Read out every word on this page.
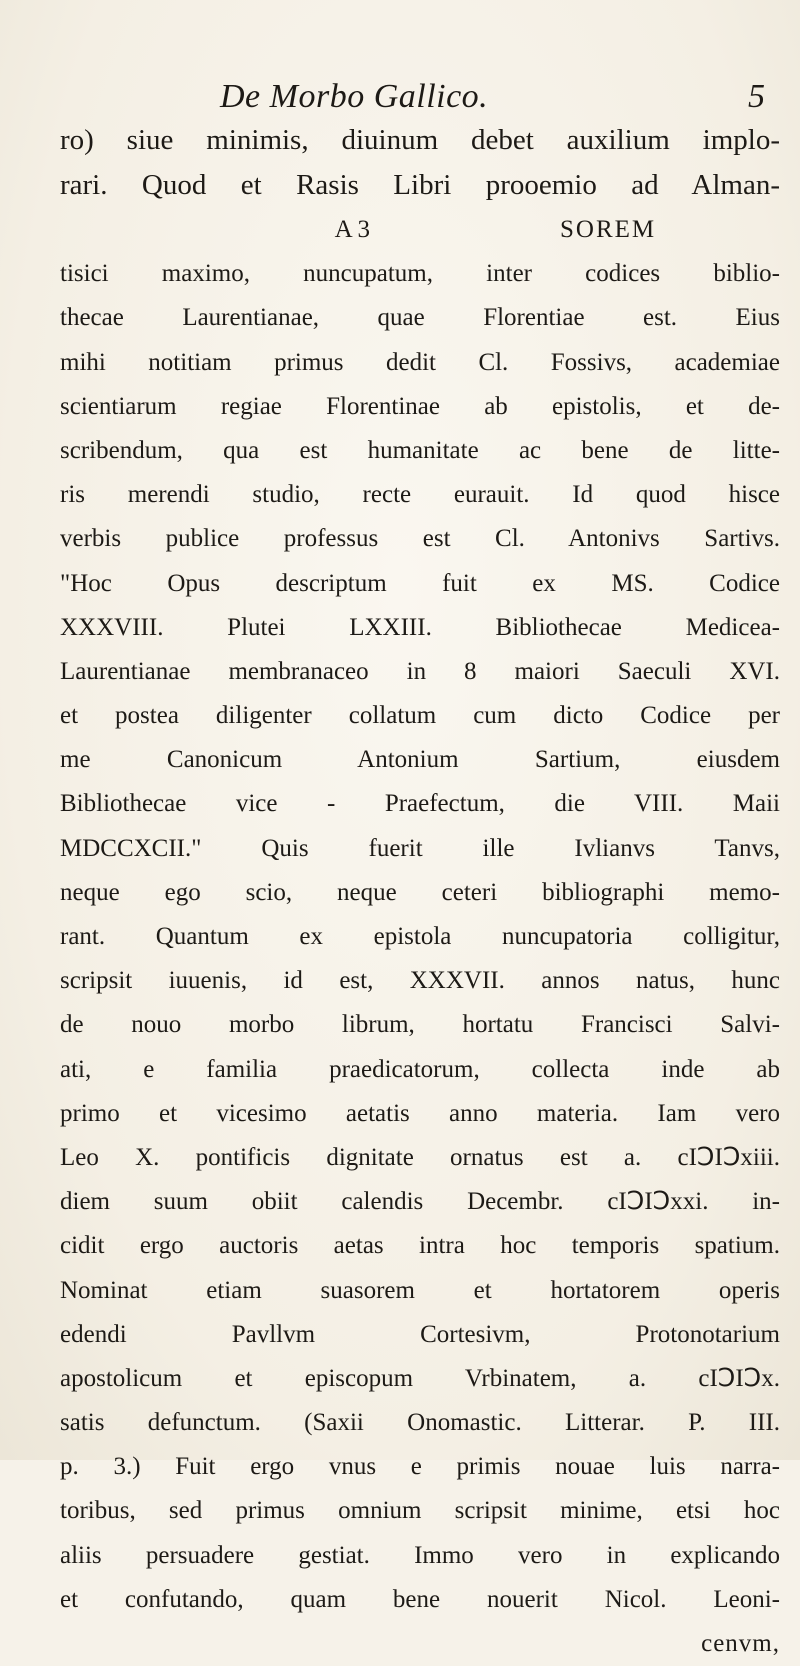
De Morbo Gallico.	5
ro) siue minimis, diuinum debet auxilium implo-
rari. Quod et Rasis Libri prooemio ad Alman-
A 3	SOREM
tisici maximo, nuncupatum, inter codices biblio-
thecae Laurentianae, quae Florentiae est. Eius
mihi notitiam primus dedit Cl. Fossivs, academiae
scientiarum regiae Florentinae ab epistolis, et de-
scribendum, qua est humanitate ac bene de litte-
ris merendi studio, recte eurauit. Id quod hisce
verbis publice professus est Cl. Antonivs Sartivs.
"Hoc Opus descriptum fuit ex MS. Codice
XXXVIII. Plutei LXXIII. Bibliothecae Medicea-
Laurentianae membranaceo in 8 maiori Saeculi XVI.
et postea diligenter collatum cum dicto Codice per
me Canonicum Antonium Sartium, eiusdem
Bibliothecae vice - Praefectum, die VIII. Maii
MDCCXCII." Quis fuerit ille Ivlianvs Tanvs,
neque ego scio, neque ceteri bibliographi memo-
rant. Quantum ex epistola nuncupatoria colligitur,
scripsit iuuenis, id est, XXXVII. annos natus, hunc
de nouo morbo librum, hortatu Francisci Salvi-
ati, e familia praedicatorum, collecta inde ab
primo et vicesimo aetatis anno materia. Iam vero
Leo X. pontificis dignitate ornatus est a. cIↃIↃxiii.
diem suum obiit calendis Decembr. cIↃIↃxxi. in-
cidit ergo auctoris aetas intra hoc temporis spatium.
Nominat etiam suasorem et hortatorem operis
edendi Pavllvm Cortesivm, Protonotarium
apostolicum et episcopum Vrbinatem, a. cIↃIↃx.
satis defunctum. (Saxii Onomastic. Litterar. P. III.
p. 3.) Fuit ergo vnus e primis nouae luis narra-
toribus, sed primus omnium scripsit minime, etsi hoc
aliis persuadere gestiat. Immo vero in explicando
et confutando, quam bene nouerit Nicol. Leoni-
cenvm,
